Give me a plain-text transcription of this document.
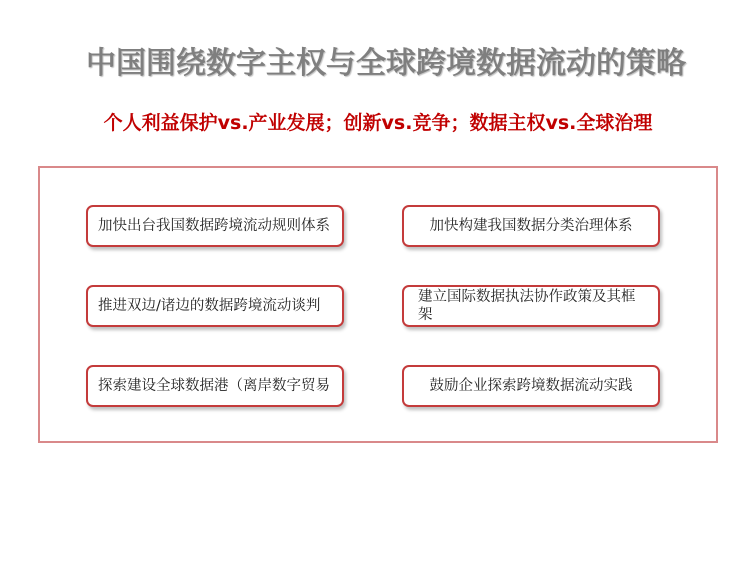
中国围绕数字主权与全球跨境数据流动的策略
个人利益保护vs.产业发展；创新vs.竞争；数据主权vs.全球治理
加快出台我国数据跨境流动规则体系
推进双边/诸边的数据跨境流动谈判
探索建设全球数据港（离岸数字贸易
加快构建我国数据分类治理体系
建立国际数据执法协作政策及其框架
鼓励企业探索跨境数据流动实践
